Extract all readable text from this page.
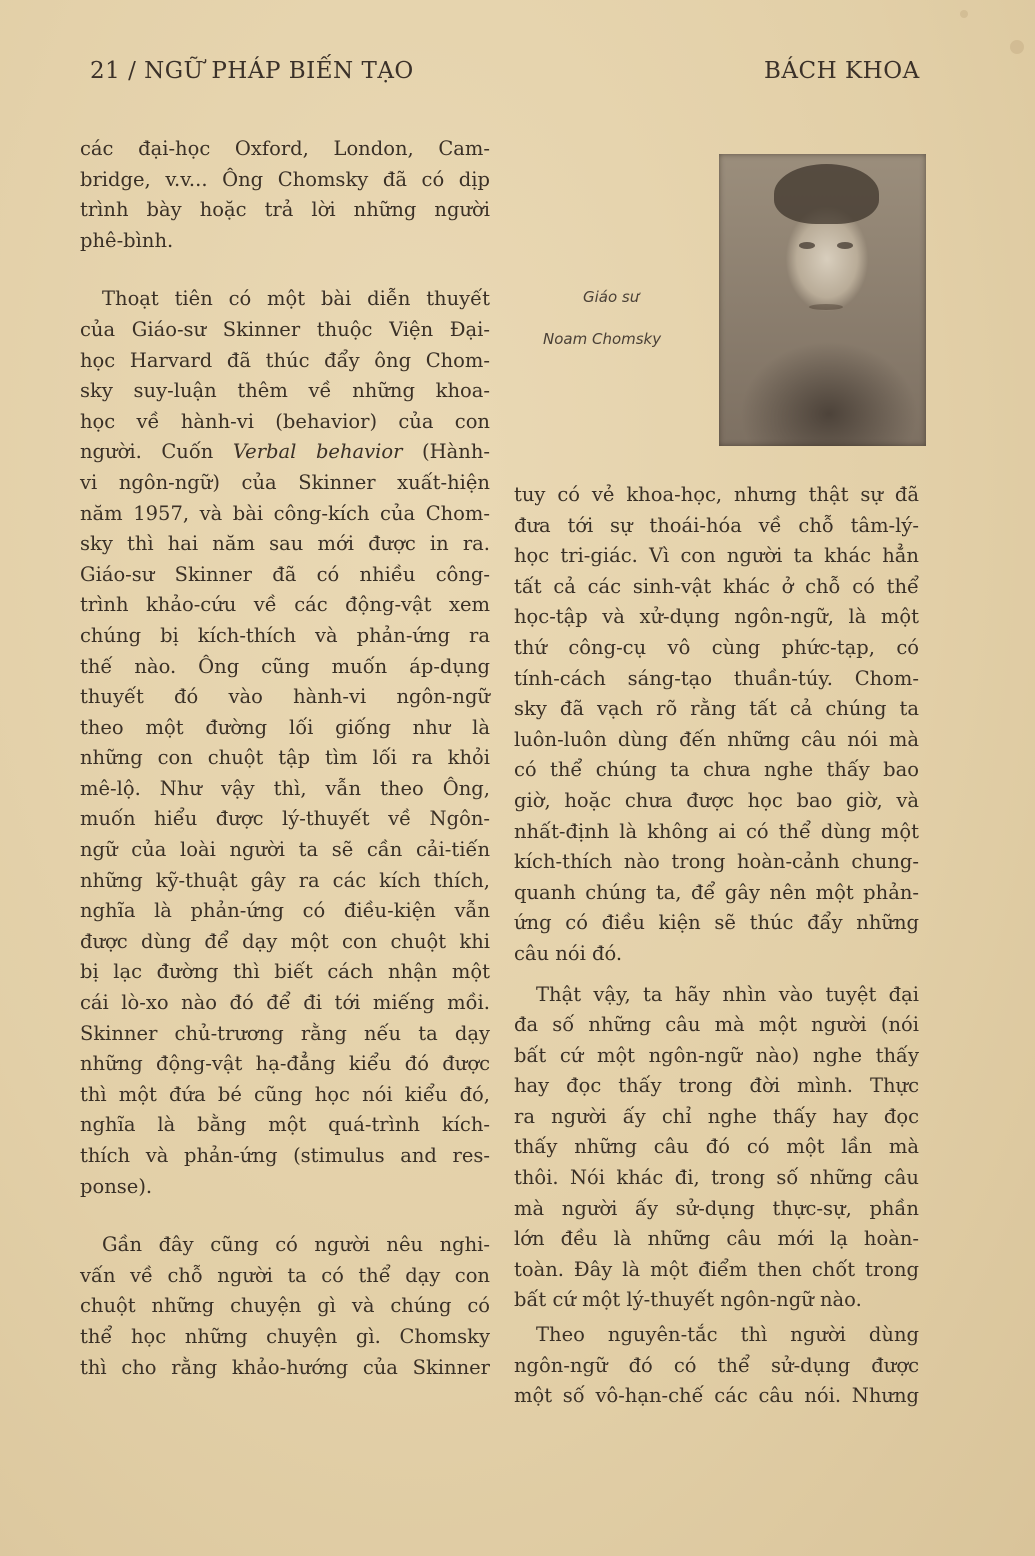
21 / NGỮ PHÁP BIẾN TẠO	BÁCH KHOA
Giáo sư
Noam Chomsky

các đại-học Oxford, London, Cam-

bridge, v.v... Ông Chomsky đã có dịp

trình bày hoặc trả lời những người

phê-bình.

Thoạt tiên có một bài diễn thuyết

của Giáo-sư Skinner thuộc Viện Đại-

học Harvard đã thúc đẩy ông Chom-

sky suy-luận thêm về những khoa-

học về hành-vi (behavior) của con

người. Cuốn Verbal behavior (Hành-

vi ngôn-ngữ) của Skinner xuất-hiện

năm 1957, và bài công-kích của Chom-

sky thì hai năm sau mới được in ra.

Giáo-sư Skinner đã có nhiều công-

trình khảo-cứu về các động-vật xem

chúng bị kích-thích và phản-ứng ra

thế nào. Ông cũng muốn áp-dụng

thuyết đó vào hành-vi ngôn-ngữ

theo một đường lối giống như là

những con chuột tập tìm lối ra khỏi

mê-lộ. Như vậy thì, vẫn theo Ông,

muốn hiểu được lý-thuyết về Ngôn-

ngữ của loài người ta sẽ cần cải-tiến

những kỹ-thuật gây ra các kích thích,

nghĩa là phản-ứng có điều-kiện vẫn

được dùng để dạy một con chuột khi

bị lạc đường thì biết cách nhận một

cái lò-xo nào đó để đi tới miếng mồi.

Skinner chủ-trương rằng nếu ta dạy

những động-vật hạ-đẳng kiểu đó được

thì một đứa bé cũng học nói kiểu đó,

nghĩa là bằng một quá-trình kích-

thích và phản-ứng (stimulus and res-

ponse).

Gần đây cũng có người nêu nghi-

vấn về chỗ người ta có thể dạy con

chuột những chuyện gì và chúng có

thể học những chuyện gì. Chomsky

thì cho rằng khảo-hướng của Skinner

tuy có vẻ khoa-học, nhưng thật sự đã

đưa tới sự thoái-hóa về chỗ tâm-lý-

học tri-giác. Vì con người ta khác hẳn

tất cả các sinh-vật khác ở chỗ có thể

học-tập và xử-dụng ngôn-ngữ, là một

thứ công-cụ vô cùng phức-tạp, có

tính-cách sáng-tạo thuần-túy. Chom-

sky đã vạch rõ rằng tất cả chúng ta

luôn-luôn dùng đến những câu nói mà

có thể chúng ta chưa nghe thấy bao

giờ, hoặc chưa được học bao giờ, và

nhất-định là không ai có thể dùng một

kích-thích nào trong hoàn-cảnh chung-

quanh chúng ta, để gây nên một phản-

ứng có điều kiện sẽ thúc đẩy những

câu nói đó.

Thật vậy, ta hãy nhìn vào tuyệt đại

đa số những câu mà một người (nói

bất cứ một ngôn-ngữ nào) nghe thấy

hay đọc thấy trong đời mình. Thực

ra người ấy chỉ nghe thấy hay đọc

thấy những câu đó có một lần mà

thôi. Nói khác đi, trong số những câu

mà người ấy sử-dụng thực-sự, phần

lớn đều là những câu mới lạ hoàn-

toàn. Đây là một điểm then chốt trong

bất cứ một lý-thuyết ngôn-ngữ nào.

Theo nguyên-tắc thì người dùng

ngôn-ngữ đó có thể sử-dụng được

một số vô-hạn-chế các câu nói. Nhưng
